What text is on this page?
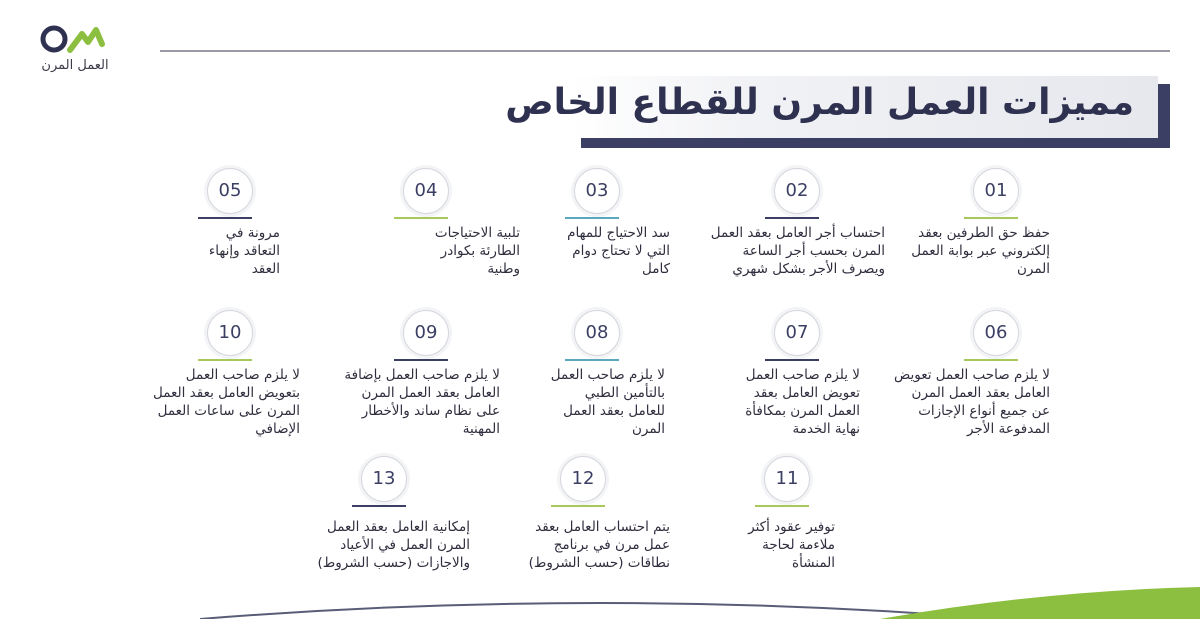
العمل المرن
مميزات العمل المرن للقطاع الخاص
01
حفظ حق الطرفين بعقد إلكتروني عبر بوابة العمل المرن
02
احتساب أجر العامل بعقد العمل المرن بحسب أجر الساعة ويصرف الأجر بشكل شهري
03
سد الاحتياج للمهام التي لا تحتاج دوام كامل
04
تلبية الاحتياجات الطارئة بكوادر وطنية
05
مرونة في التعاقد وإنهاء العقد
06
لا يلزم صاحب العمل تعويض العامل بعقد العمل المرن عن جميع أنواع الإجازات المدفوعة الأجر
07
لا يلزم صاحب العمل تعويض العامل بعقد العمل المرن بمكافأة نهاية الخدمة
08
لا يلزم صاحب العمل بالتأمين الطبي للعامل بعقد العمل المرن
09
لا يلزم صاحب العمل بإضافة العامل بعقد العمل المرن على نظام ساند والأخطار المهنية
10
لا يلزم صاحب العمل بتعويض العامل بعقد العمل المرن على ساعات العمل الإضافي
11
توفير عقود أكثر ملاءمة لحاجة المنشأة
12
يتم احتساب العامل بعقد عمل مرن في برنامج نطاقات (حسب الشروط)
13
إمكانية العامل بعقد العمل المرن العمل في الأعياد والاجازات (حسب الشروط)
